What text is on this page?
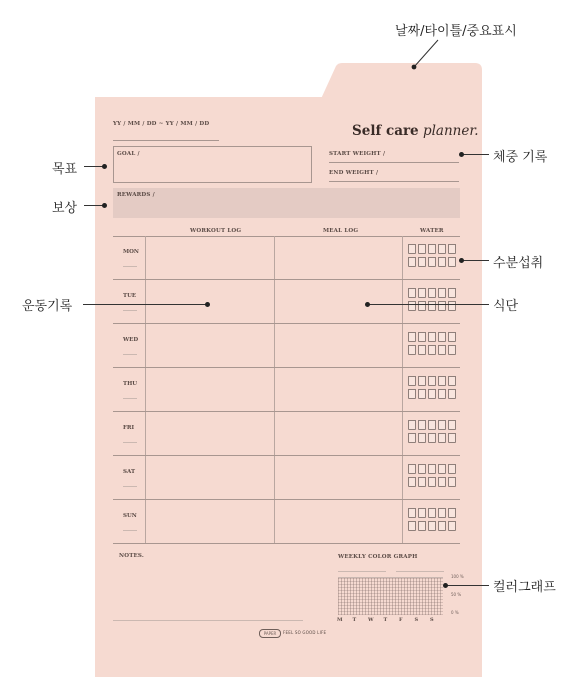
YY / MM / DD ~ YY / MM / DD	Self care planner.
GOAL /	START WEIGHT /
END WEIGHT /
REWARDS /
WORKOUT LOG	MEAL LOG	WATER
MON
TUE
WED
THU
FRI
SAT
SUN
NOTES.	WEEKLY COLOR GRAPH
100 %
50 %
0 %
M T W T F S S
PAPER	FEEL SO GOOD LIFE
날짜/타이틀/중요표시
체중 기록
목표
보상
수분섭취
운동기록	식단
컬러그래프
